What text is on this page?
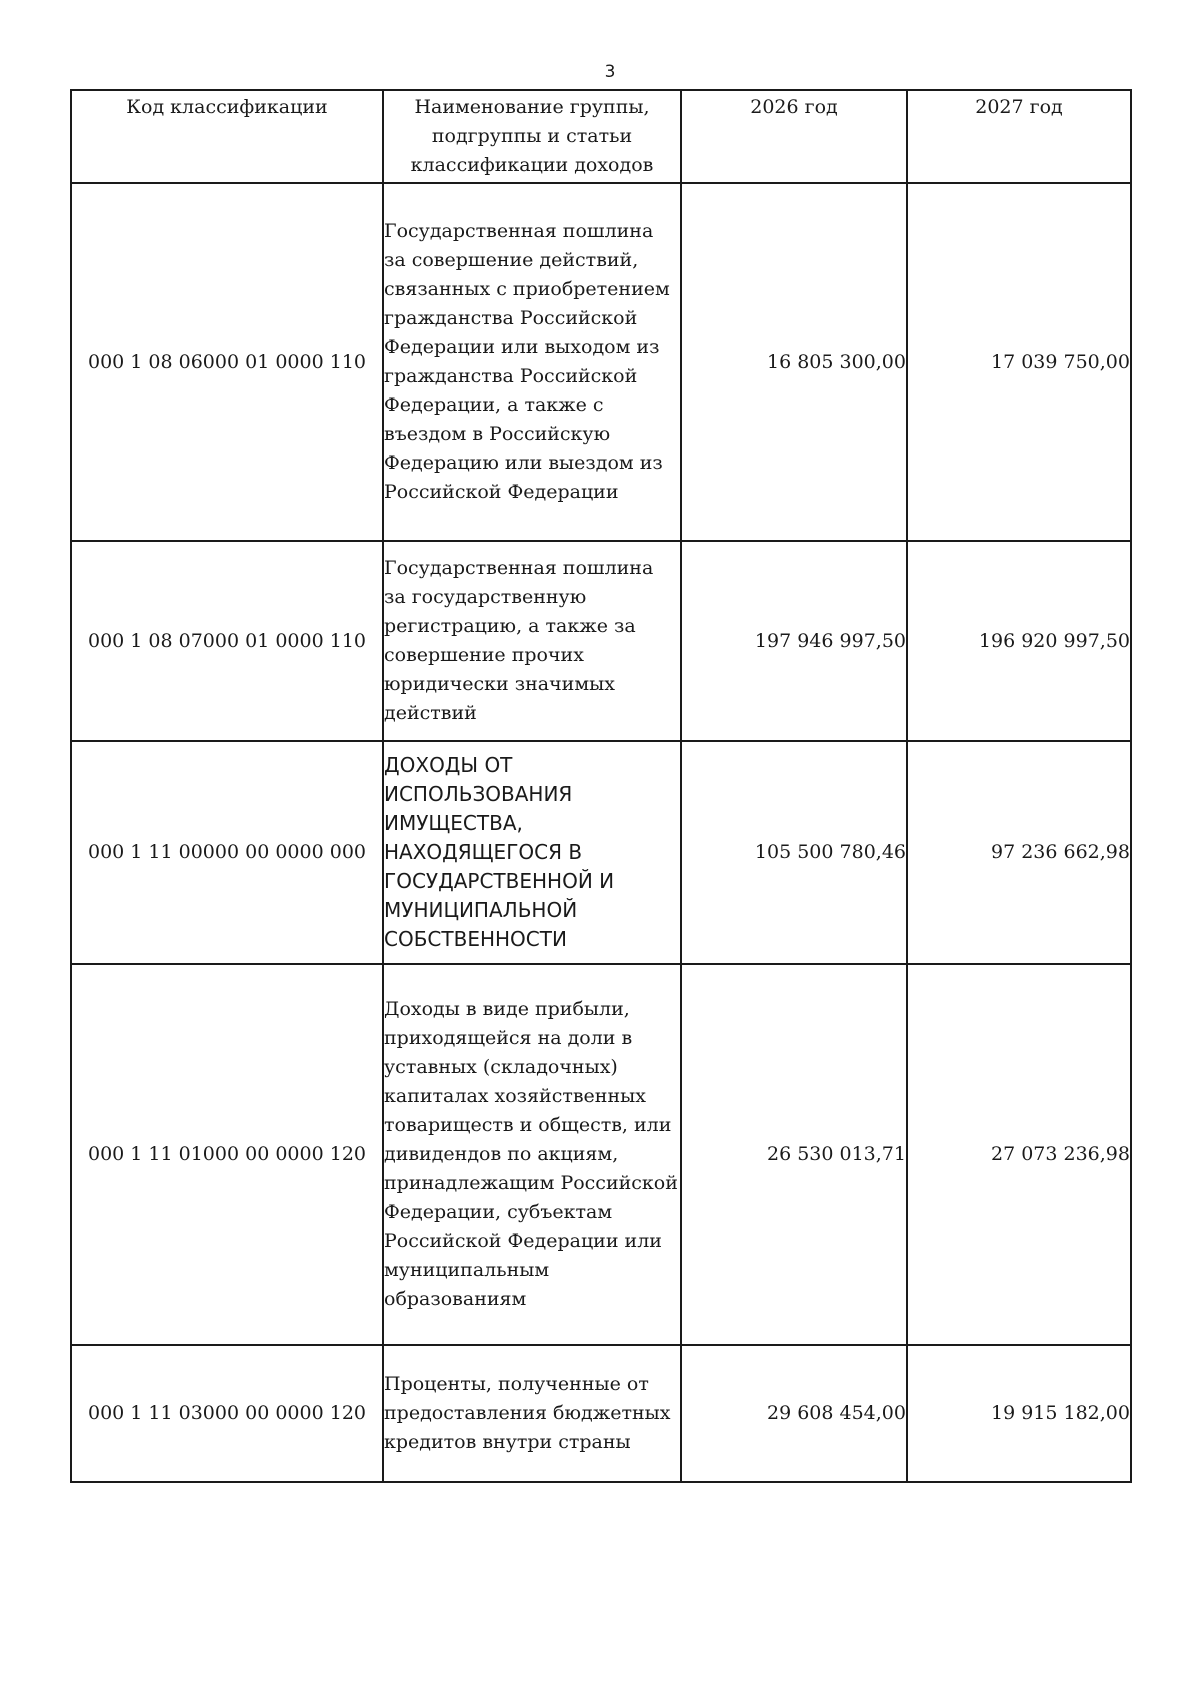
3
Код классификации	Наименование группы, подгруппы и статьи классификации доходов	2026 год	2027 год
000 1 08 06000 01 0000 110	Государственная пошлина за совершение действий, связанных с приобретением гражданства Российской Федерации или выходом из гражданства Российской Федерации, а также с въездом в Российскую Федерацию или выездом из Российской Федерации	16 805 300,00	17 039 750,00
000 1 08 07000 01 0000 110	Государственная пошлина за государственную регистрацию, а также за совершение прочих юридически значимых действий	197 946 997,50	196 920 997,50
000 1 11 00000 00 0000 000	ДОХОДЫ ОТ ИСПОЛЬЗОВАНИЯ ИМУЩЕСТВА, НАХОДЯЩЕГОСЯ В ГОСУДАРСТВЕННОЙ И МУНИЦИПАЛЬНОЙ СОБСТВЕННОСТИ	105 500 780,46	97 236 662,98
000 1 11 01000 00 0000 120	Доходы в виде прибыли, приходящейся на доли в уставных (складочных) капиталах хозяйственных товариществ и обществ, или дивидендов по акциям, принадлежащим Российской Федерации, субъектам Российской Федерации или муниципальным образованиям	26 530 013,71	27 073 236,98
000 1 11 03000 00 0000 120	Проценты, полученные от предоставления бюджетных кредитов внутри страны	29 608 454,00	19 915 182,00
